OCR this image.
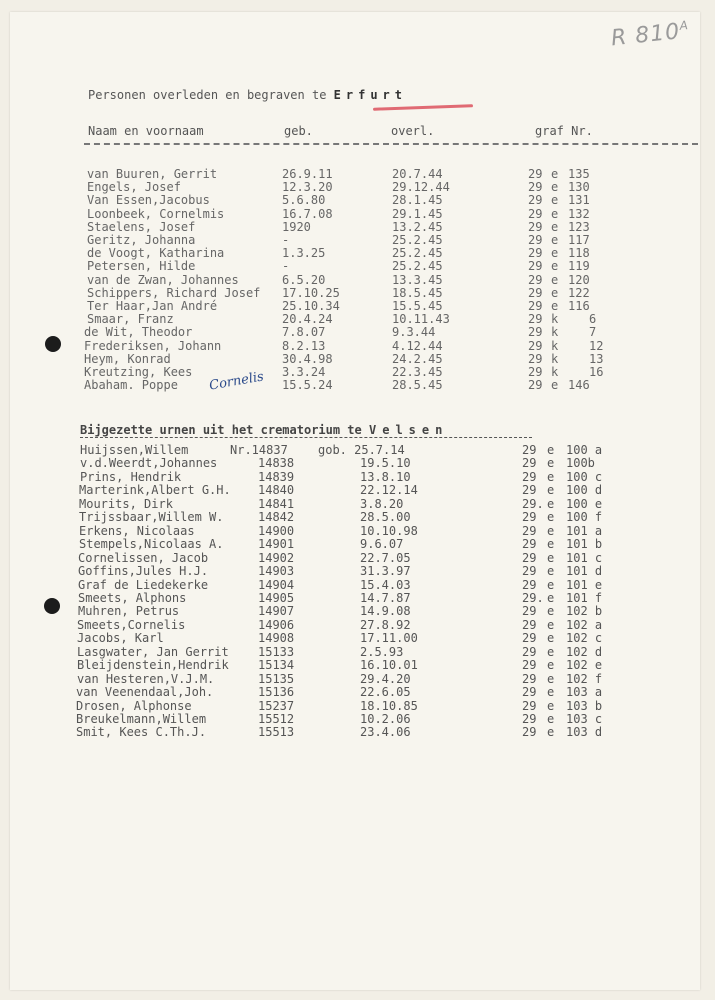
R $810^A$
Personen overleden en begraven te Erfurt
Naam en voornaam	geb.	overl.	graf Nr.
van Buuren, Gerrit	26.9.11	20.7.44	29 e 135
Engels, Josef	12.3.20	29.12.44	29 e 130
Van Essen,Jacobus	5.6.80	28.1.45	29 e 131
Loonbeek, Cornelmis	16.7.08	29.1.45	29 e 132
Staelens, Josef	1920	13.2.45	29 e 123
Geritz, Johanna	-	25.2.45	29 e 117
de Voogt, Katharina	1.3.25	25.2.45	29 e 118
Petersen, Hilde	-	25.2.45	29 e 119
van de Zwan, Johannes	6.5.20	13.3.45	29 e 120
Schippers, Richard Josef 17.10.25	18.5.45	29 e 122
Ter Haar,Jan André	25.10.34	15.5.45	29 e 116
Smaar, Franz	20.4.24	10.11.43	29 k	6
de Wit, Theodor	7.8.07	9.3.44	29 k	7
Frederiksen, Johann	8.2.13	4.12.44	29 k	12
Heym, Konrad	30.4.98	24.2.45	29 k	13
Kreutzing, Kees	3.3.24	22.3.45	29 k	16
Abaham. Poppe	15.5.24	28.5.45	29 e 146
Cornelis
Bijgezette urnen uit het crematorium te Velsen
Huijssen,Willem	Nr.14837	gob. 25.7.14	29 e 100 a
v.d.Weerdt,Johannes	14838	19.5.10	29 e 100b
Prins, Hendrik	14839	13.8.10	29 e 100 c
Marterink,Albert G.H. 14840	22.12.14	29 e 100 d
Mourits, Dirk	14841	3.8.20	29. e 100 e
Trijssbaar,Willem W.	14842	28.5.00	29 e 100 f
Erkens, Nicolaas	14900	10.10.98	29 e 101 a
Stempels,Nicolaas A.	14901	9.6.07	29 e 101 b
Cornelissen, Jacob	14902	22.7.05	29 e 101 c
Goffins,Jules H.J.	14903	31.3.97	29 e 101 d
Graf de Liedekerke	14904	15.4.03	29 e 101 e
Smeets, Alphons	14905	14.7.87	29. e 101 f
Muhren, Petrus	14907	14.9.08	29 e 102 b
Smeets,Cornelis	14906	27.8.92	29 e 102 a
Jacobs, Karl	14908	17.11.00	29 e 102 c
Lasgwater, Jan Gerrit 15133	2.5.93	29 e 102 d
Bleijdenstein,Hendrik 15134	16.10.01	29 e 102 e
van Hesteren,V.J.M.	15135	29.4.20	29 e 102 f
van Veenendaal,Joh.	15136	22.6.05	29 e 103 a
Drosen, Alphonse	15237	18.10.85	29 e 103 b
Breukelmann,Willem	15512	10.2.06	29 e 103 c
Smit, Kees C.Th.J.	15513	23.4.06	29 e 103 d
